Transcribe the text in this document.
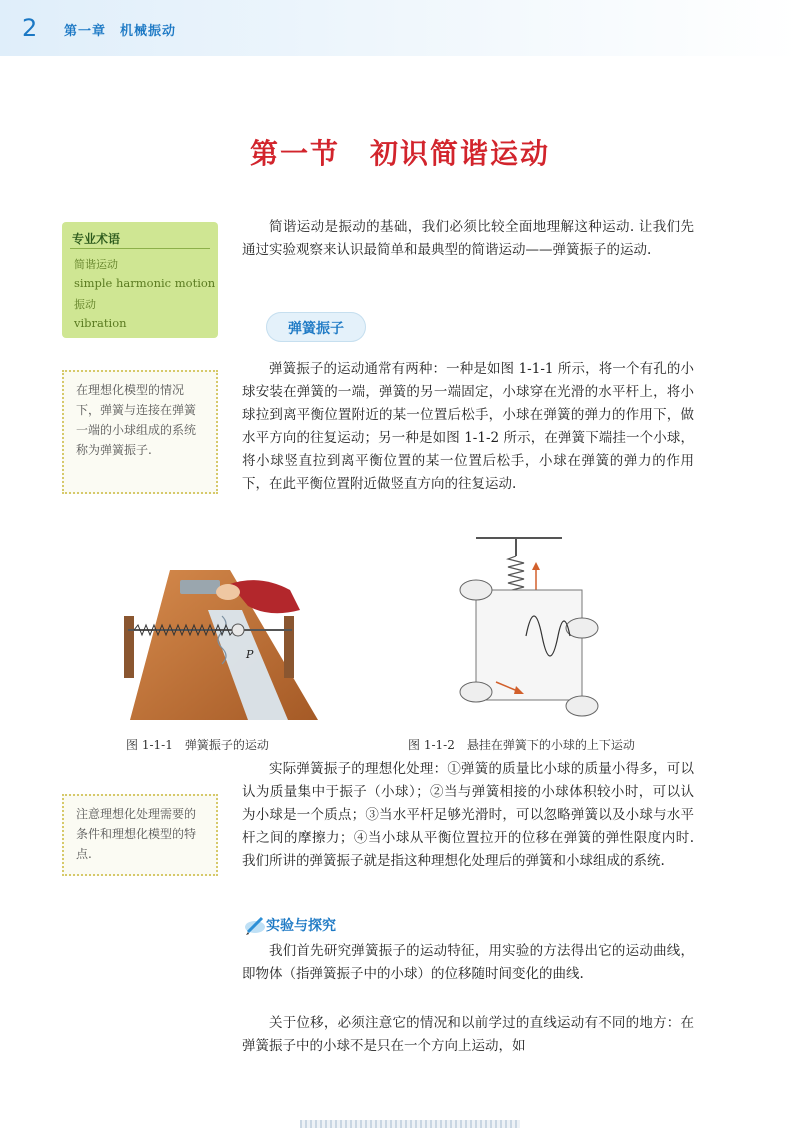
2 第一章　机械振动
第一节　初识简谐运动
专业术语
简谐运动
simple harmonic motion
振动
vibration
在理想化模型的情况下，弹簧与连接在弹簧一端的小球组成的系统称为弹簧振子.
注意理想化处理需要的条件和理想化模型的特点.

简谐运动是振动的基础，我们必须比较全面地理解这种运动. 让我们先通过实验观察来认识最简单和最典型的简谐运动——弹簧振子的运动.

弹簧振子

弹簧振子的运动通常有两种：一种是如图 1-1-1 所示，将一个有孔的小球安装在弹簧的一端，弹簧的另一端固定，小球穿在光滑的水平杆上，将小球拉到离平衡位置附近的某一位置后松手，小球在弹簧的弹力的作用下，做水平方向的往复运动；另一种是如图 1-1-2 所示，在弹簧下端挂一个小球，将小球竖直拉到离平衡位置的某一位置后松手，小球在弹簧的弹力的作用下，在此平衡位置附近做竖直方向的往复运动.

P
图 1-1-1　弹簧振子的运动	图 1-1-2　悬挂在弹簧下的小球的上下运动

实际弹簧振子的理想化处理：①弹簧的质量比小球的质量小得多，可以认为质量集中于振子（小球）；②当与弹簧相接的小球体积较小时，可以认为小球是一个质点；③当水平杆足够光滑时，可以忽略弹簧以及小球与水平杆之间的摩擦力；④当小球从平衡位置拉开的位移在弹簧的弹性限度内时. 我们所讲的弹簧振子就是指这种理想化处理后的弹簧和小球组成的系统.

实验与探究

我们首先研究弹簧振子的运动特征，用实验的方法得出它的运动曲线，即物体（指弹簧振子中的小球）的位移随时间变化的曲线.

关于位移，必须注意它的情况和以前学过的直线运动有不同的地方：在弹簧振子中的小球不是只在一个方向上运动，如
